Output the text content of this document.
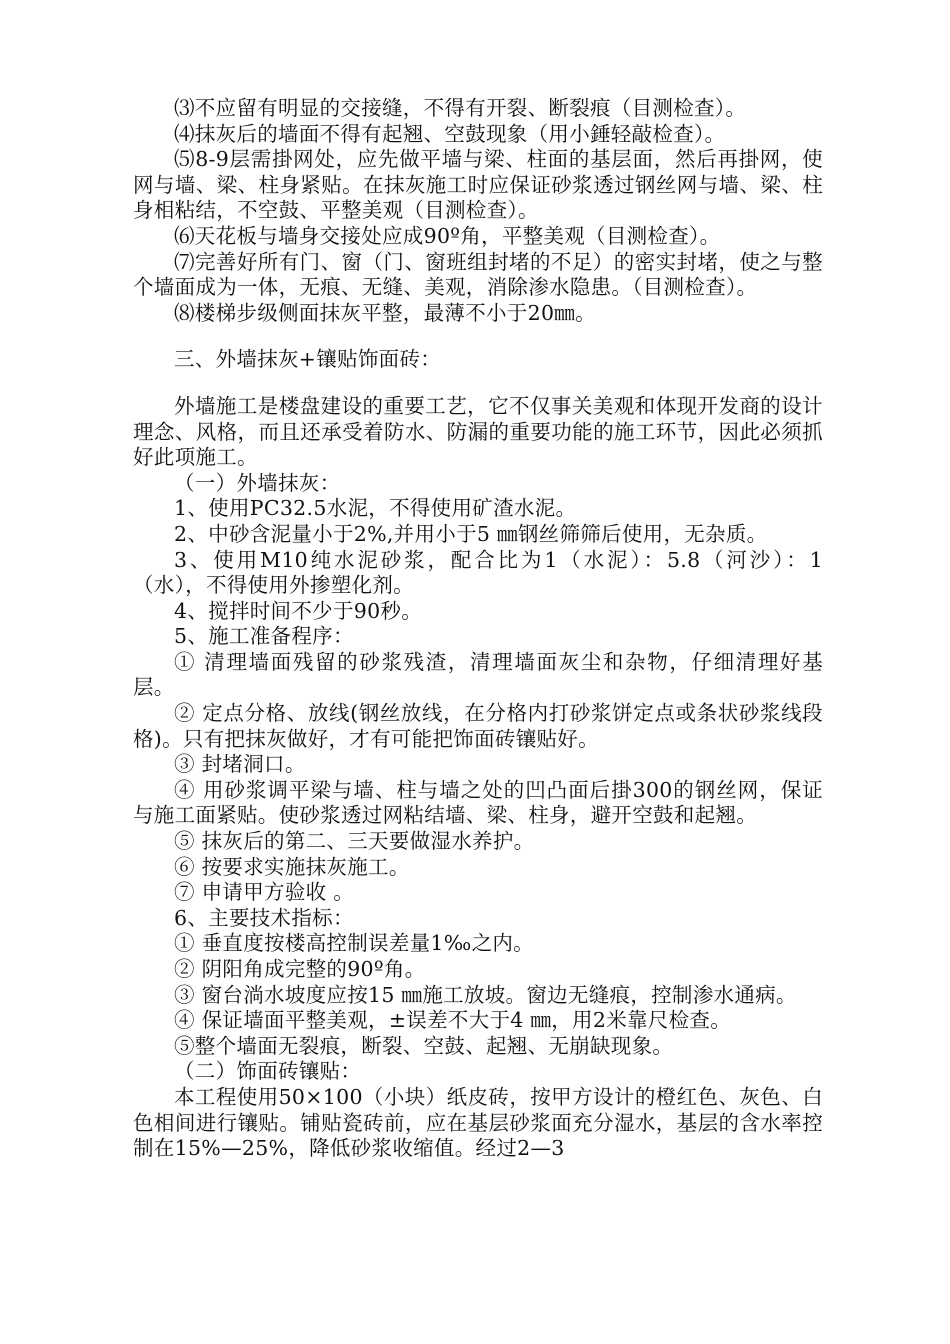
⑶不应留有明显的交接缝，不得有开裂、断裂痕（目测检查）。

⑷抹灰后的墙面不得有起翘、空鼓现象（用小錘轻敲检查）。

⑸8-9层需掛网处，应先做平墙与梁、柱面的基层面，然后再掛网，使网与墙、梁、柱身紧贴。在抹灰施工时应保证砂浆透过钢丝网与墙、梁、柱身相粘结，不空鼓、平整美观（目测检查）。

⑹天花板与墙身交接处应成90º角，平整美观（目测检查）。

⑺完善好所有门、窗（门、窗班组封堵的不足）的密实封堵，使之与整个墙面成为一体，无痕、无缝、美观，消除渗水隐患。（目测检查）。

⑻楼梯步级侧面抹灰平整，最薄不小于20㎜。

三、外墙抹灰+镶贴饰面砖：

外墙施工是楼盘建设的重要工艺，它不仅事关美观和体现开发商的设计理念、风格，而且还承受着防水、防漏的重要功能的施工环节，因此必须抓好此项施工。

（一）外墙抹灰：

1、使用PC32.5水泥，不得使用矿渣水泥。

2、中砂含泥量小于2%,并用小于5 ㎜钢丝筛筛后使用，无杂质。

3、使用M10纯水泥砂浆，配合比为1（水泥）：5.8（河沙）：1（水），不得使用外掺塑化剂。

4、搅拌时间不少于90秒。

5、施工准备程序：

① 清理墙面残留的砂浆残渣，清理墙面灰尘和杂物，仔细清理好基层。

② 定点分格、放线(钢丝放线，在分格内打砂浆饼定点或条状砂浆线段格)。只有把抹灰做好，才有可能把饰面砖镶贴好。

③ 封堵洞口。

④ 用砂浆调平梁与墙、柱与墙之处的凹凸面后掛300的钢丝网，保证与施工面紧贴。使砂浆透过网粘结墙、梁、柱身，避开空鼓和起翘。

⑤ 抹灰后的第二、三天要做湿水养护。

⑥ 按要求实施抹灰施工。

⑦ 申请甲方验收 。

6、主要技术指标：

① 垂直度按楼高控制误差量1‰之内。

② 阴阳角成完整的90º角。

③ 窗台淌水坡度应按15 ㎜施工放坡。窗边无缝痕，控制渗水通病。

④ 保证墙面平整美观，±误差不大于4 ㎜，用2米靠尺检查。

⑤整个墙面无裂痕，断裂、空鼓、起翘、无崩缺现象。

（二）饰面砖镶贴：

本工程使用50×100（小块）纸皮砖，按甲方设计的橙红色、灰色、白色相间进行镶贴。铺贴瓷砖前，应在基层砂浆面充分湿水，基层的含水率控制在15%—25%，降低砂浆收缩值。经过2—3
